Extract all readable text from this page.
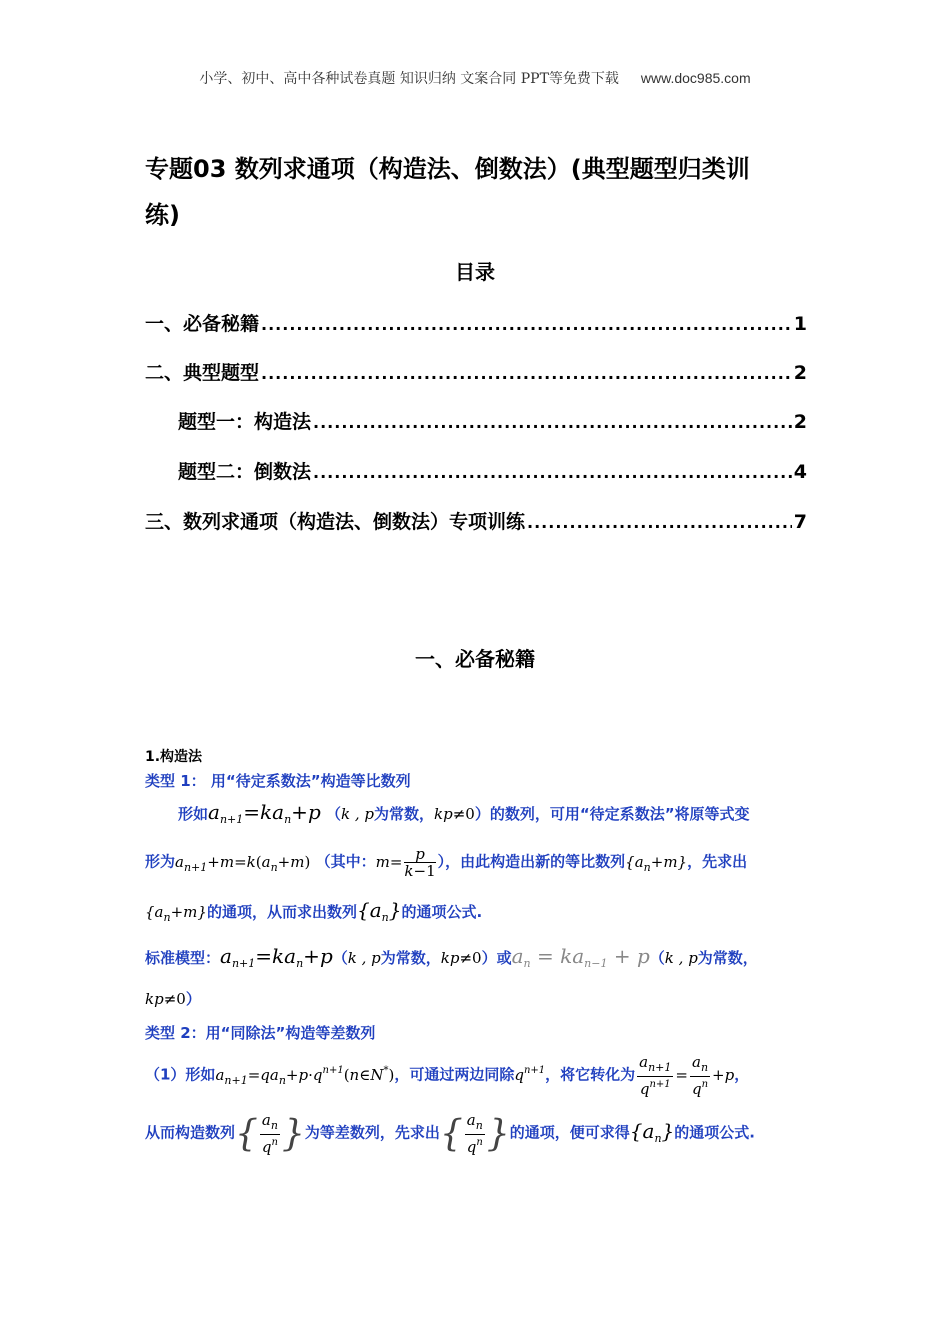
小学、初中、高中各种试卷真题 知识归纳 文案合同 PPT等免费下载 www.doc985.com
专题03 数列求通项（构造法、倒数法）(典型题型归类训
练)
目录
一、必备秘籍 .....	1
二、典型题型 .....	2
题型一：构造法 .....	2
题型二：倒数法 .....	4
三、数列求通项（构造法、倒数法）专项训练 .....	7
一、必备秘籍
1.构造法
类型 1： 用“待定系数法”构造等比数列
形如$a_{n+1}=ka_n+p$ （k , p为常数，kp≠0）的数列，可用“待定系数法”将原等式变
形为$a_{n+1}+m=k(a_n+m)$ （其中：$m= \frac{p}{k-1}$ ），由此构造出新的等比数列$\{a_n+m\}$，先求出
$\{a_n+m\}$的通项，从而求出数列$\{a_n\}$的通项公式.
标准模型：$a_{n+1}=ka_n+p(k$ , p为常数，kp≠0）或$a_n = ka_{n-1} + p(k$ , p为常数，
kp≠0）
类型 2：用“同除法”构造等差数列
（1）形如$a_{n+1}=qa_n+p\cdot q^{n+1}(n\in N^*)$，可通过两边同除$q^{n+1}$，将它转化为 $\frac{a_{n+1}}{q^{n+1}} = \frac{a_n}{q^n} +p$，
从而构造数列{ $\frac{a_n}{q^n}$ }为等差数列，先求出{ $\frac{a_n}{q^n}$ }的通项，便可求得$\{a_n\}$的通项公式.
